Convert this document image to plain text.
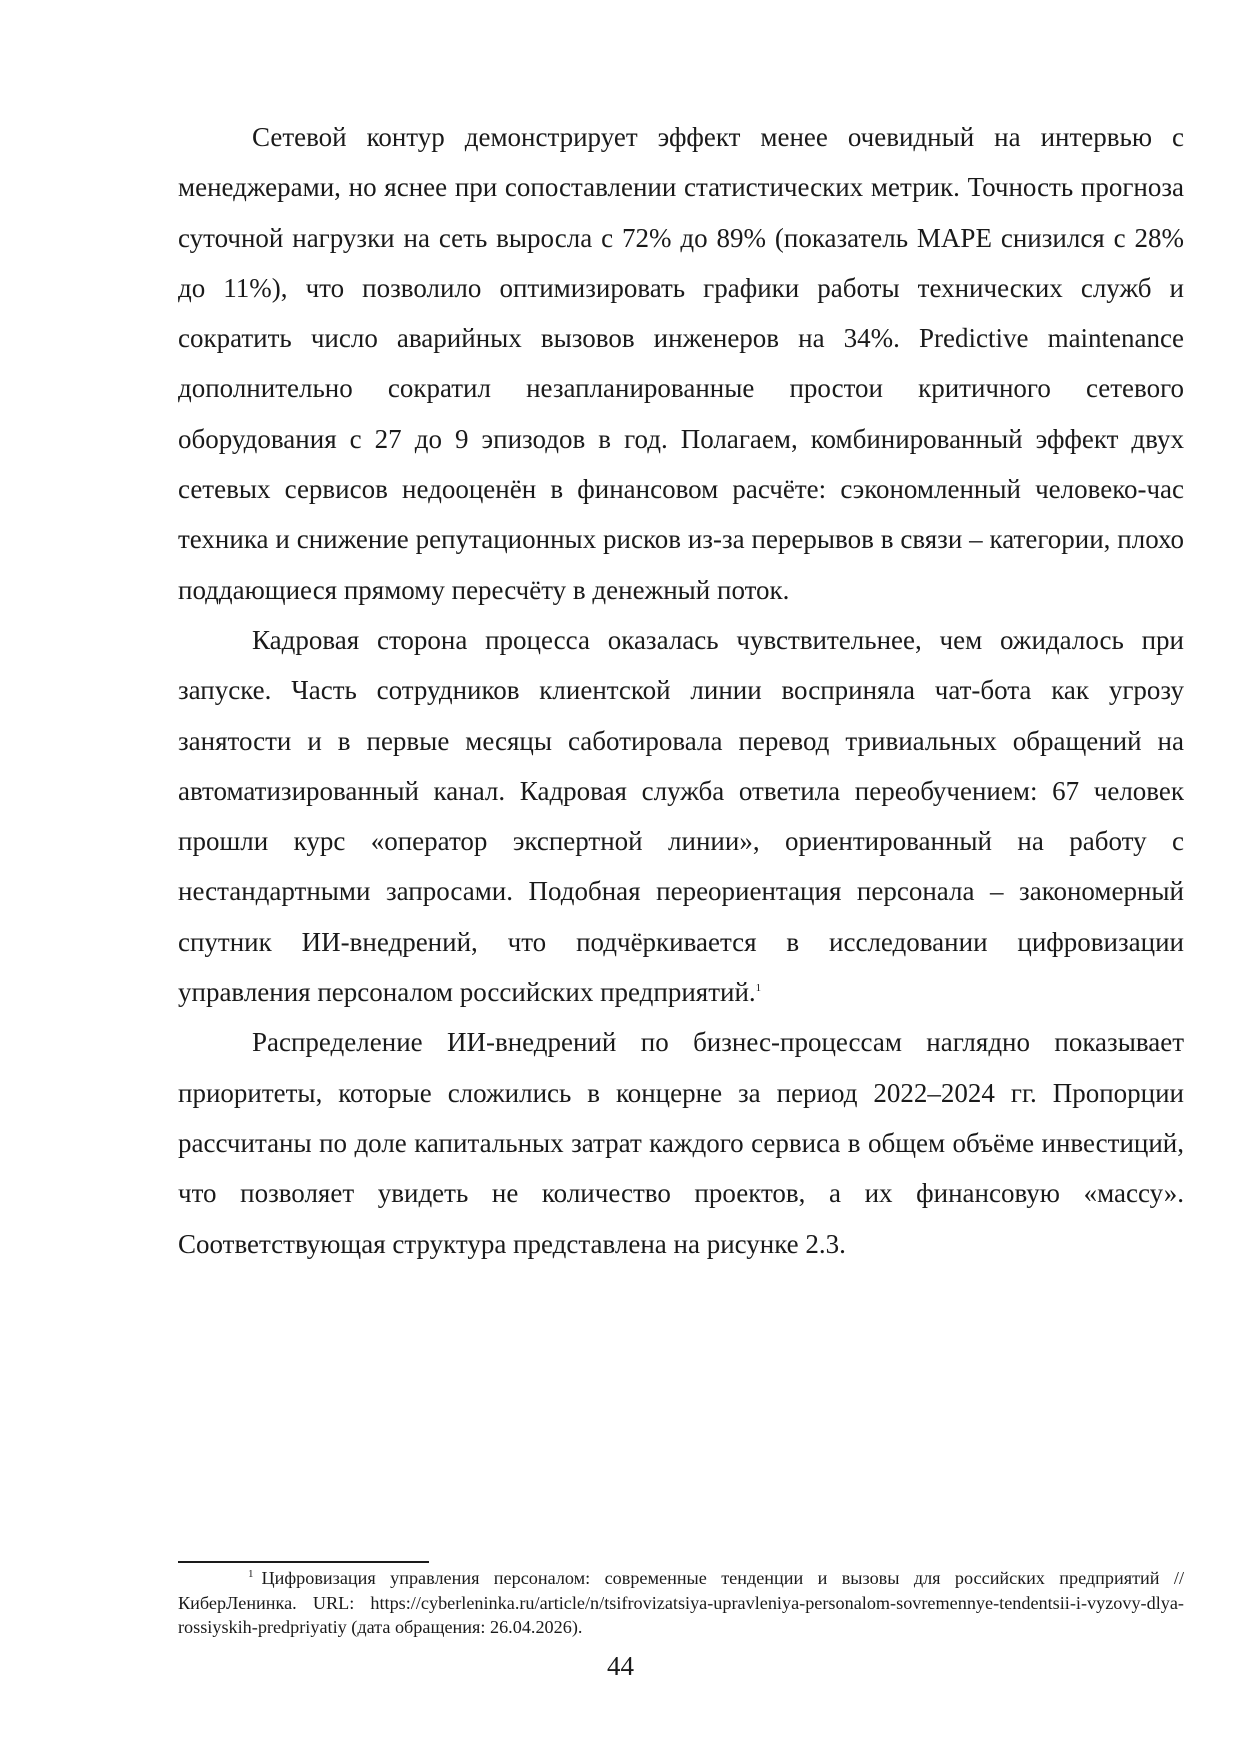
Сетевой контур демонстрирует эффект менее очевидный на интервью с менеджерами, но яснее при сопоставлении статистических метрик. Точность прогноза суточной нагрузки на сеть выросла с 72% до 89% (показатель MAPE снизился с 28% до 11%), что позволило оптимизировать графики работы технических служб и сократить число аварийных вызовов инженеров на 34%. Predictive maintenance дополнительно сократил незапланированные простои критичного сетевого оборудования с 27 до 9 эпизодов в год. Полагаем, комбинированный эффект двух сетевых сервисов недооценён в финансовом расчёте: сэкономленный человеко-час техника и снижение репутационных рисков из-за перерывов в связи – категории, плохо поддающиеся прямому пересчёту в денежный поток.

Кадровая сторона процесса оказалась чувствительнее, чем ожидалось при запуске. Часть сотрудников клиентской линии восприняла чат-бота как угрозу занятости и в первые месяцы саботировала перевод тривиальных обращений на автоматизированный канал. Кадровая служба ответила переобучением: 67 человек прошли курс «оператор экспертной линии», ориентированный на работу с нестандартными запросами. Подобная переориентация персонала – закономерный спутник ИИ-внедрений, что подчёркивается в исследовании цифровизации управления персоналом российских предприятий.$^1$

Распределение ИИ-внедрений по бизнес-процессам наглядно показывает приоритеты, которые сложились в концерне за период 2022–2024 гг. Пропорции рассчитаны по доле капитальных затрат каждого сервиса в общем объёме инвестиций, что позволяет увидеть не количество проектов, а их финансовую «массу». Соответствующая структура представлена на рисунке 2.3.

$^1$ Цифровизация управления персоналом: современные тенденции и вызовы для российских предприятий // КиберЛенинка. URL: https://cyberleninka.ru/article/n/tsifrovizatsiya-upravleniya-personalom-sovremennye-tendentsii-i-vyzovy-dlya-rossiyskih-predpriyatiy (дата обращения: 26.04.2026).

44
